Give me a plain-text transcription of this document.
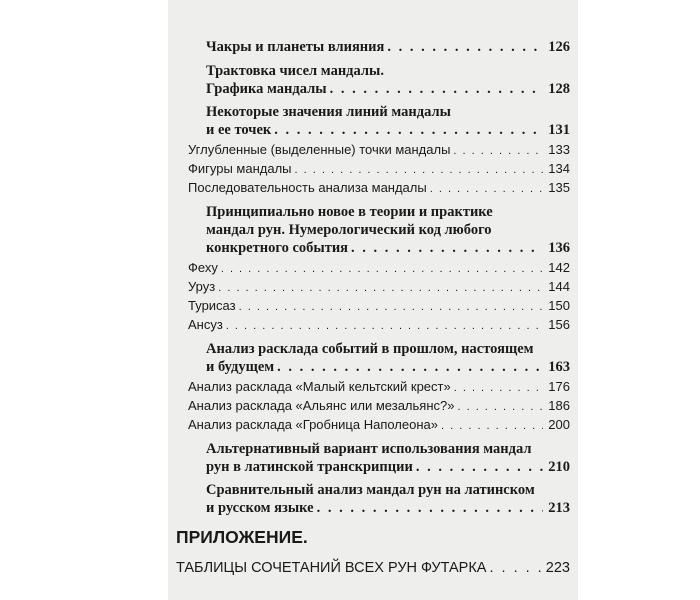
Чакры и планеты влияния . . .	126
Трактовка чисел мандалы.
Графика мандалы . . .	128
Некоторые значения линий мандалы
и ее точек . . .	131
Углубленные (выделенные) точки мандалы . . .	133
Фигуры мандалы . . .	134
Последовательность анализа мандалы . . .	135
Принципиально новое в теории и практике
мандал рун. Нумерологический код любого
конкретного события . . .	136
Феху . . .	142
Уруз . . .	144
Турисаз . . .	150
Ансуз . . .	156
Анализ расклада событий в прошлом, настоящем
и будущем . . .	163
Анализ расклада «Малый кельтский крест» . . .	176
Анализ расклада «Альянс или мезальянс?» . . .	186
Анализ расклада «Гробница Наполеона» . . .	200
Альтернативный вариант использования мандал
рун в латинской транскрипции . . .	210
Сравнительный анализ мандал рун на латинском
и русском языке . . .	213
ПРИЛОЖЕНИЕ.
ТАБЛИЦЫ СОЧЕТАНИЙ ВСЕХ РУН ФУТАРКА . . .	223
